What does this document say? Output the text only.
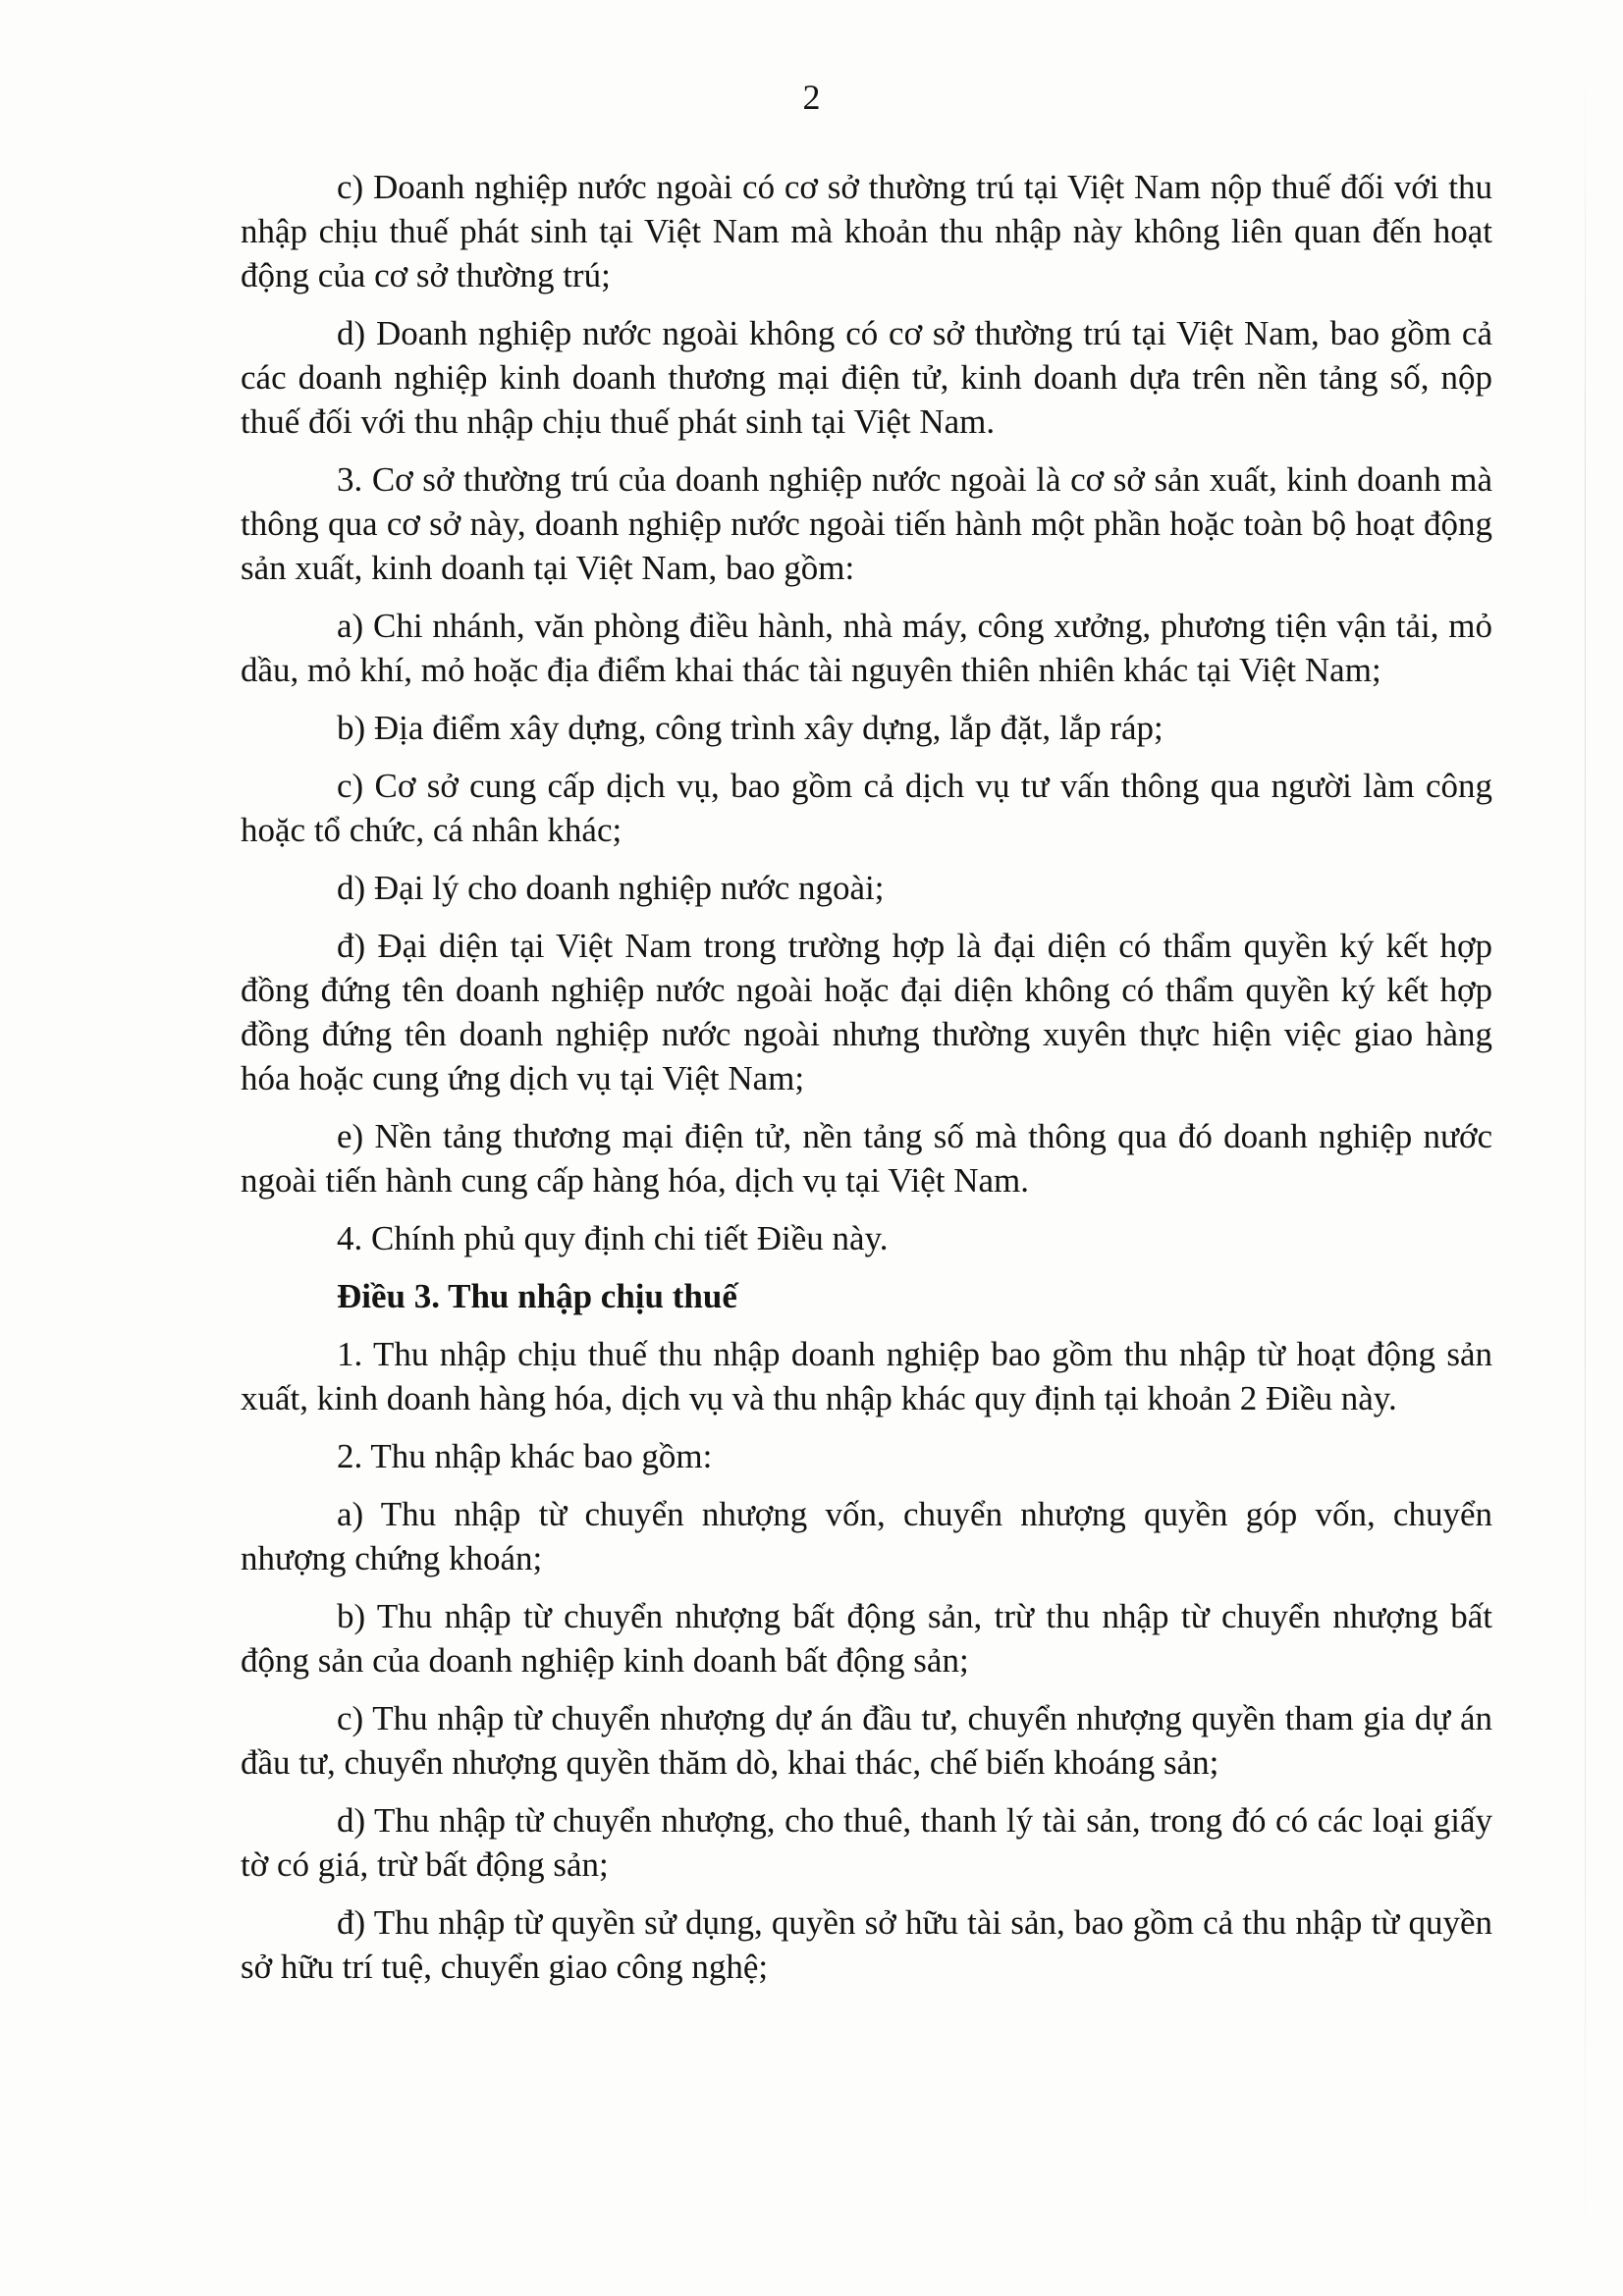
2

c) Doanh nghiệp nước ngoài có cơ sở thường trú tại Việt Nam nộp thuế đối với thu nhập chịu thuế phát sinh tại Việt Nam mà khoản thu nhập này không liên quan đến hoạt động của cơ sở thường trú;

d) Doanh nghiệp nước ngoài không có cơ sở thường trú tại Việt Nam, bao gồm cả các doanh nghiệp kinh doanh thương mại điện tử, kinh doanh dựa trên nền tảng số, nộp thuế đối với thu nhập chịu thuế phát sinh tại Việt Nam.

3. Cơ sở thường trú của doanh nghiệp nước ngoài là cơ sở sản xuất, kinh doanh mà thông qua cơ sở này, doanh nghiệp nước ngoài tiến hành một phần hoặc toàn bộ hoạt động sản xuất, kinh doanh tại Việt Nam, bao gồm:

a) Chi nhánh, văn phòng điều hành, nhà máy, công xưởng, phương tiện vận tải, mỏ dầu, mỏ khí, mỏ hoặc địa điểm khai thác tài nguyên thiên nhiên khác tại Việt Nam;

b) Địa điểm xây dựng, công trình xây dựng, lắp đặt, lắp ráp;

c) Cơ sở cung cấp dịch vụ, bao gồm cả dịch vụ tư vấn thông qua người làm công hoặc tổ chức, cá nhân khác;

d) Đại lý cho doanh nghiệp nước ngoài;

đ) Đại diện tại Việt Nam trong trường hợp là đại diện có thẩm quyền ký kết hợp đồng đứng tên doanh nghiệp nước ngoài hoặc đại diện không có thẩm quyền ký kết hợp đồng đứng tên doanh nghiệp nước ngoài nhưng thường xuyên thực hiện việc giao hàng hóa hoặc cung ứng dịch vụ tại Việt Nam;

e) Nền tảng thương mại điện tử, nền tảng số mà thông qua đó doanh nghiệp nước ngoài tiến hành cung cấp hàng hóa, dịch vụ tại Việt Nam.

4. Chính phủ quy định chi tiết Điều này.

Điều 3. Thu nhập chịu thuế

1. Thu nhập chịu thuế thu nhập doanh nghiệp bao gồm thu nhập từ hoạt động sản xuất, kinh doanh hàng hóa, dịch vụ và thu nhập khác quy định tại khoản 2 Điều này.

2. Thu nhập khác bao gồm:

a) Thu nhập từ chuyển nhượng vốn, chuyển nhượng quyền góp vốn, chuyển nhượng chứng khoán;

b) Thu nhập từ chuyển nhượng bất động sản, trừ thu nhập từ chuyển nhượng bất động sản của doanh nghiệp kinh doanh bất động sản;

c) Thu nhập từ chuyển nhượng dự án đầu tư, chuyển nhượng quyền tham gia dự án đầu tư, chuyển nhượng quyền thăm dò, khai thác, chế biến khoáng sản;

d) Thu nhập từ chuyển nhượng, cho thuê, thanh lý tài sản, trong đó có các loại giấy tờ có giá, trừ bất động sản;

đ) Thu nhập từ quyền sử dụng, quyền sở hữu tài sản, bao gồm cả thu nhập từ quyền sở hữu trí tuệ, chuyển giao công nghệ;
